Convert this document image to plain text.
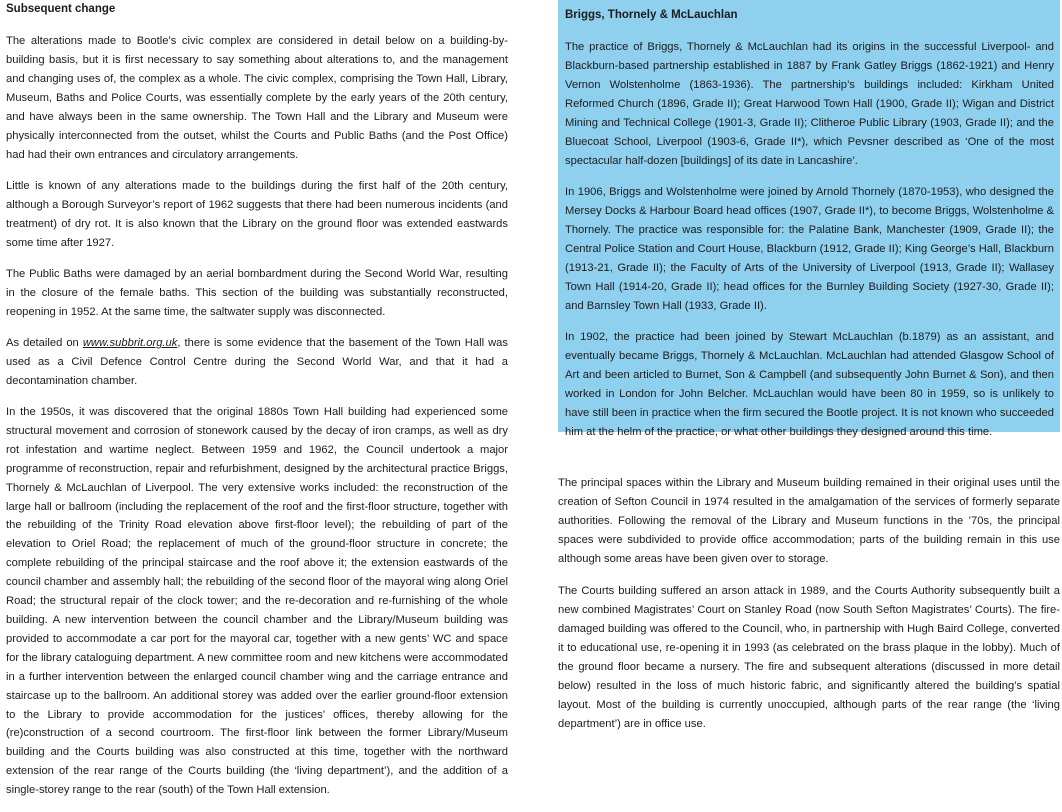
Subsequent change

The alterations made to Bootle’s civic complex are considered in detail below on a building-by-building basis, but it is first necessary to say something about alterations to, and the management and changing uses of, the complex as a whole. The civic complex, comprising the Town Hall, Library, Museum, Baths and Police Courts, was essentially complete by the early years of the 20th century, and have always been in the same ownership. The Town Hall and the Library and Museum were physically interconnected from the outset, whilst the Courts and Public Baths (and the Post Office) had had their own entrances and circulatory arrangements.

Little is known of any alterations made to the buildings during the first half of the 20th century, although a Borough Surveyor’s report of 1962 suggests that there had been numerous incidents (and treatment) of dry rot. It is also known that the Library on the ground floor was extended eastwards some time after 1927.

The Public Baths were damaged by an aerial bombardment during the Second World War, resulting in the closure of the female baths. This section of the building was substantially reconstructed, reopening in 1952. At the same time, the saltwater supply was disconnected.

As detailed on www.subbrit.org.uk, there is some evidence that the basement of the Town Hall was used as a Civil Defence Control Centre during the Second World War, and that it had a decontamination chamber.

In the 1950s, it was discovered that the original 1880s Town Hall building had experienced some structural movement and corrosion of stonework caused by the decay of iron cramps, as well as dry rot infestation and wartime neglect. Between 1959 and 1962, the Council undertook a major programme of reconstruction, repair and refurbishment, designed by the architectural practice Briggs, Thornely & McLauchlan of Liverpool. The very extensive works included: the reconstruction of the large hall or ballroom (including the replacement of the roof and the first-floor structure, together with the rebuilding of the Trinity Road elevation above first-floor level); the rebuilding of part of the elevation to Oriel Road; the replacement of much of the ground-floor structure in concrete; the complete rebuilding of the principal staircase and the roof above it; the extension eastwards of the council chamber and assembly hall; the rebuilding of the second floor of the mayoral wing along Oriel Road; the structural repair of the clock tower; and the re-decoration and re-furnishing of the whole building. A new intervention between the council chamber and the Library/Museum building was provided to accommodate a car port for the mayoral car, together with a new gents’ WC and space for the library cataloguing department. A new committee room and new kitchens were accommodated in a further intervention between the enlarged council chamber wing and the carriage entrance and staircase up to the ballroom. An additional storey was added over the earlier ground-floor extension to the Library to provide accommodation for the justices’ offices, thereby allowing for the (re)construction of a second courtroom. The first-floor link between the former Library/Museum building and the Courts building was also constructed at this time, together with the northward extension of the rear range of the Courts building (the ‘living department’), and the addition of a single-storey range to the rear (south) of the Town Hall extension.

Briggs, Thornely & McLauchlan

The practice of Briggs, Thornely & McLauchlan had its origins in the successful Liverpool- and Blackburn-based partnership established in 1887 by Frank Gatley Briggs (1862-1921) and Henry Vernon Wolstenholme (1863-1936). The partnership’s buildings included: Kirkham United Reformed Church (1896, Grade II); Great Harwood Town Hall (1900, Grade II); Wigan and District Mining and Technical College (1901-3, Grade II); Clitheroe Public Library (1903, Grade II); and the Bluecoat School, Liverpool (1903-6, Grade II*), which Pevsner described as ‘One of the most spectacular half-dozen [buildings] of its date in Lancashire’.

In 1906, Briggs and Wolstenholme were joined by Arnold Thornely (1870-1953), who designed the Mersey Docks & Harbour Board head offices (1907, Grade II*), to become Briggs, Wolstenholme & Thornely. The practice was responsible for: the Palatine Bank, Manchester (1909, Grade II); the Central Police Station and Court House, Blackburn (1912, Grade II); King George’s Hall, Blackburn (1913-21, Grade II); the Faculty of Arts of the University of Liverpool (1913, Grade II); Wallasey Town Hall (1914-20, Grade II); head offices for the Burnley Building Society (1927-30, Grade II); and Barnsley Town Hall (1933, Grade II).

In 1902, the practice had been joined by Stewart McLauchlan (b.1879) as an assistant, and eventually became Briggs, Thornely & McLauchlan. McLauchlan had attended Glasgow School of Art and been articled to Burnet, Son & Campbell (and subsequently John Burnet & Son), and then worked in London for John Belcher. McLauchlan would have been 80 in 1959, so is unlikely to have still been in practice when the firm secured the Bootle project. It is not known who succeeded him at the helm of the practice, or what other buildings they designed around this time.

The principal spaces within the Library and Museum building remained in their original uses until the creation of Sefton Council in 1974 resulted in the amalgamation of the services of formerly separate authorities. Following the removal of the Library and Museum functions in the ’70s, the principal spaces were subdivided to provide office accommodation; parts of the building remain in this use although some areas have been given over to storage.

The Courts building suffered an arson attack in 1989, and the Courts Authority subsequently built a new combined Magistrates’ Court on Stanley Road (now South Sefton Magistrates’ Courts). The fire-damaged building was offered to the Council, who, in partnership with Hugh Baird College, converted it to educational use, re-opening it in 1993 (as celebrated on the brass plaque in the lobby). Much of the ground floor became a nursery. The fire and subsequent alterations (discussed in more detail below) resulted in the loss of much historic fabric, and significantly altered the building’s spatial layout. Most of the building is currently unoccupied, although parts of the rear range (the ‘living department’) are in office use.
